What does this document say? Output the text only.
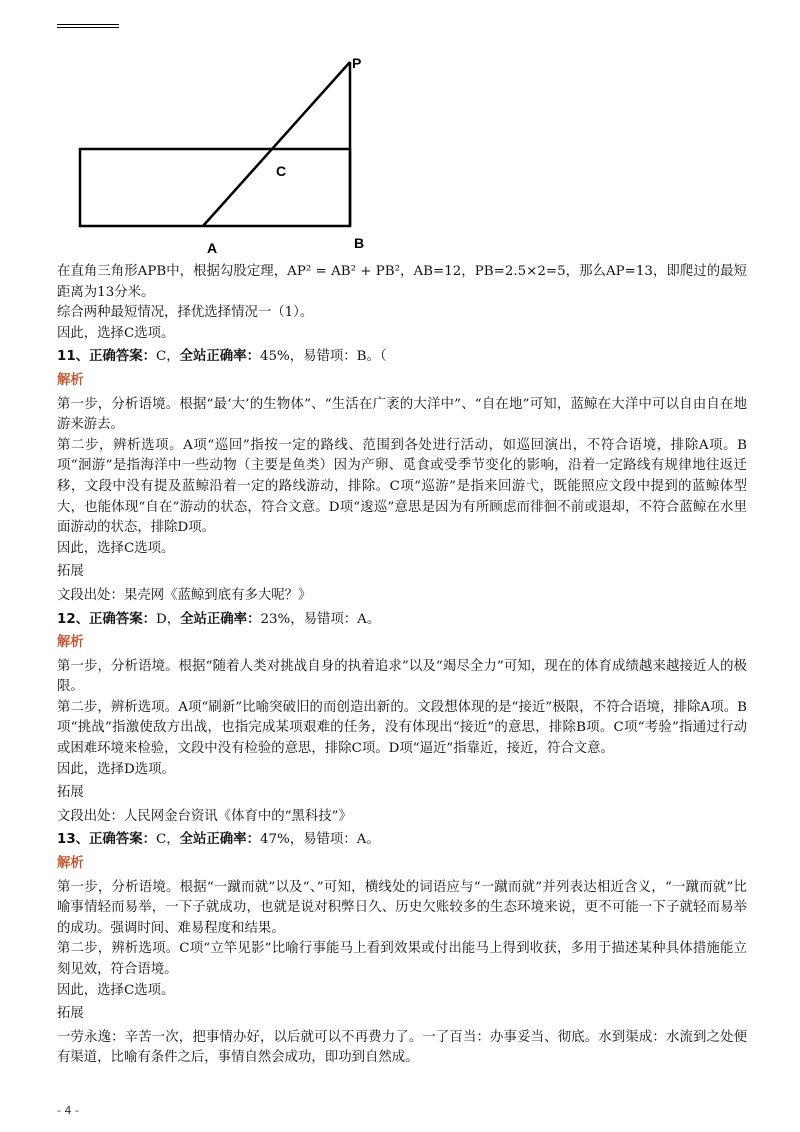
P
C
A	B

在直角三角形APB中，根据勾股定理，AP² = AB² + PB²，AB=12，PB=2.5×2=5，那么AP=13，即爬过的最短距离为13分米。

综合两种最短情况，择优选择情况一（1）。

因此，选择C选项。

11、正确答案：C，全站正确率：45%，易错项：B。（

解析

第一步，分析语境。根据“最‘大’的生物体”、“生活在广袤的大洋中”、“自在地”可知，蓝鲸在大洋中可以自由自在地游来游去。

第二步，辨析选项。A项“巡回”指按一定的路线、范围到各处进行活动，如巡回演出，不符合语境，排除A项。B项“洄游”是指海洋中一些动物（主要是鱼类）因为产卵、觅食或受季节变化的影响，沿着一定路线有规律地往返迁移，文段中没有提及蓝鲸沿着一定的路线游动，排除。C项“巡游”是指来回游弋，既能照应文段中提到的蓝鲸体型大，也能体现“自在”游动的状态，符合文意。D项“逡巡”意思是因为有所顾虑而徘徊不前或退却，不符合蓝鲸在水里面游动的状态，排除D项。

因此，选择C选项。

拓展

文段出处：果壳网《蓝鲸到底有多大呢？》

12、正确答案：D，全站正确率：23%，易错项：A。

解析

第一步，分析语境。根据“随着人类对挑战自身的执着追求”以及“竭尽全力”可知，现在的体育成绩越来越接近人的极限。

第二步，辨析选项。A项“刷新”比喻突破旧的而创造出新的。文段想体现的是“接近”极限，不符合语境，排除A项。B项“挑战”指激使敌方出战，也指完成某项艰难的任务，没有体现出“接近”的意思，排除B项。C项“考验”指通过行动或困难环境来检验，文段中没有检验的意思，排除C项。D项“逼近”指靠近，接近，符合文意。

因此，选择D选项。

拓展

文段出处：人民网金台资讯《体育中的“黑科技”》

13、正确答案：C，全站正确率：47%，易错项：A。

解析

第一步，分析语境。根据“一蹴而就”以及“、”可知，横线处的词语应与“一蹴而就”并列表达相近含义，“一蹴而就”比喻事情轻而易举，一下子就成功，也就是说对积弊日久、历史欠账较多的生态环境来说，更不可能一下子就轻而易举的成功。强调时间、难易程度和结果。

第二步，辨析选项。C项“立竿见影”比喻行事能马上看到效果或付出能马上得到收获，多用于描述某种具体措施能立刻见效，符合语境。

因此，选择C选项。

拓展

一劳永逸：辛苦一次，把事情办好，以后就可以不再费力了。一了百当：办事妥当、彻底。水到渠成：水流到之处便有渠道，比喻有条件之后，事情自然会成功，即功到自然成。

- 4 -
